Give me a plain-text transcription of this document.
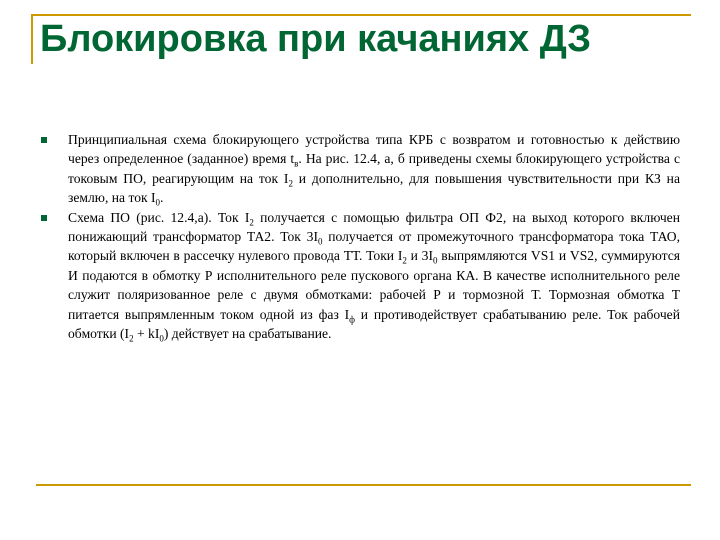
Блокировка при качаниях ДЗ
Принципиальная схема блокирующего устройства типа КРБ с возвратом и готовностью к действию через определенное (заданное) время $t_в$. На рис. 12.4, а, б приведены схемы блокирующего устройства с токовым ПО, реагирующим на ток $I_2$ и дополнительно, для повышения чувствительности при КЗ на землю, на ток $I_0$.
Схема ПО (рис. 12.4,а). Ток $I_2$ получается с помощью фильтра ОП Ф2, на выход которого включен понижающий трансформатор ТА2. Ток $3I_0$ получается от промежуточного трансформатора тока ТАО, который включен в рассечку нулевого провода ТТ. Токи $I_2$ и $3I_0$ выпрямляются VS1 и VS2, суммируются И подаются в обмотку Р исполнительного реле пускового органа КА. В качестве исполнительного реле служит поляризованное реле с двумя обмотками: рабочей Р и тормозной Т. Тормозная обмотка Т питается выпрямленным током одной из фаз $I_ф$ и противодействует срабатыванию реле. Ток рабочей обмотки $(I_2 + kI_0)$ действует на срабатывание.
